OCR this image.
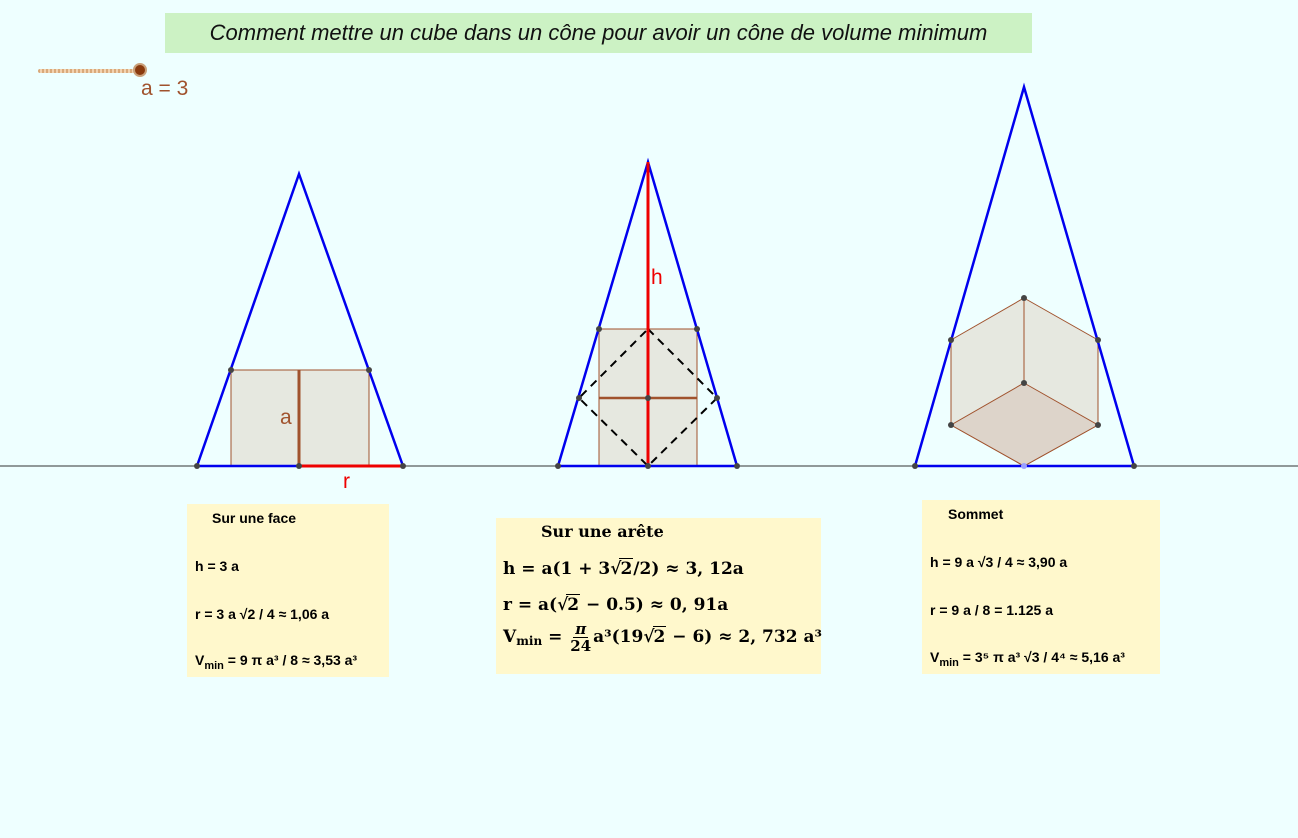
a
r
h
Comment mettre un cube dans un cône pour avoir un cône de volume minimum
a = 3
Sur une face
h = 3 a
r = 3 a √2 / 4 ≈ 1,06 a
$V_{min} = 9$ π a³ / 8 ≈ 3,53 a³
Sur une arête
h = a(1 + 3√2/2) ≈ 3, 12a
r = a(√2 − 0.5) ≈ 0, 91a
$Vmin = \frac{\pi}{24} a^3(19√2 - 6) \approx 2$, 732 a³
Sommet
h = 9 a √3 / 4 ≈ 3,90 a
r = 9 a / 8 = 1.125 a
$V_{min} = 3^5$ π a³ √3 / 4⁴ ≈ 5,16 a³
